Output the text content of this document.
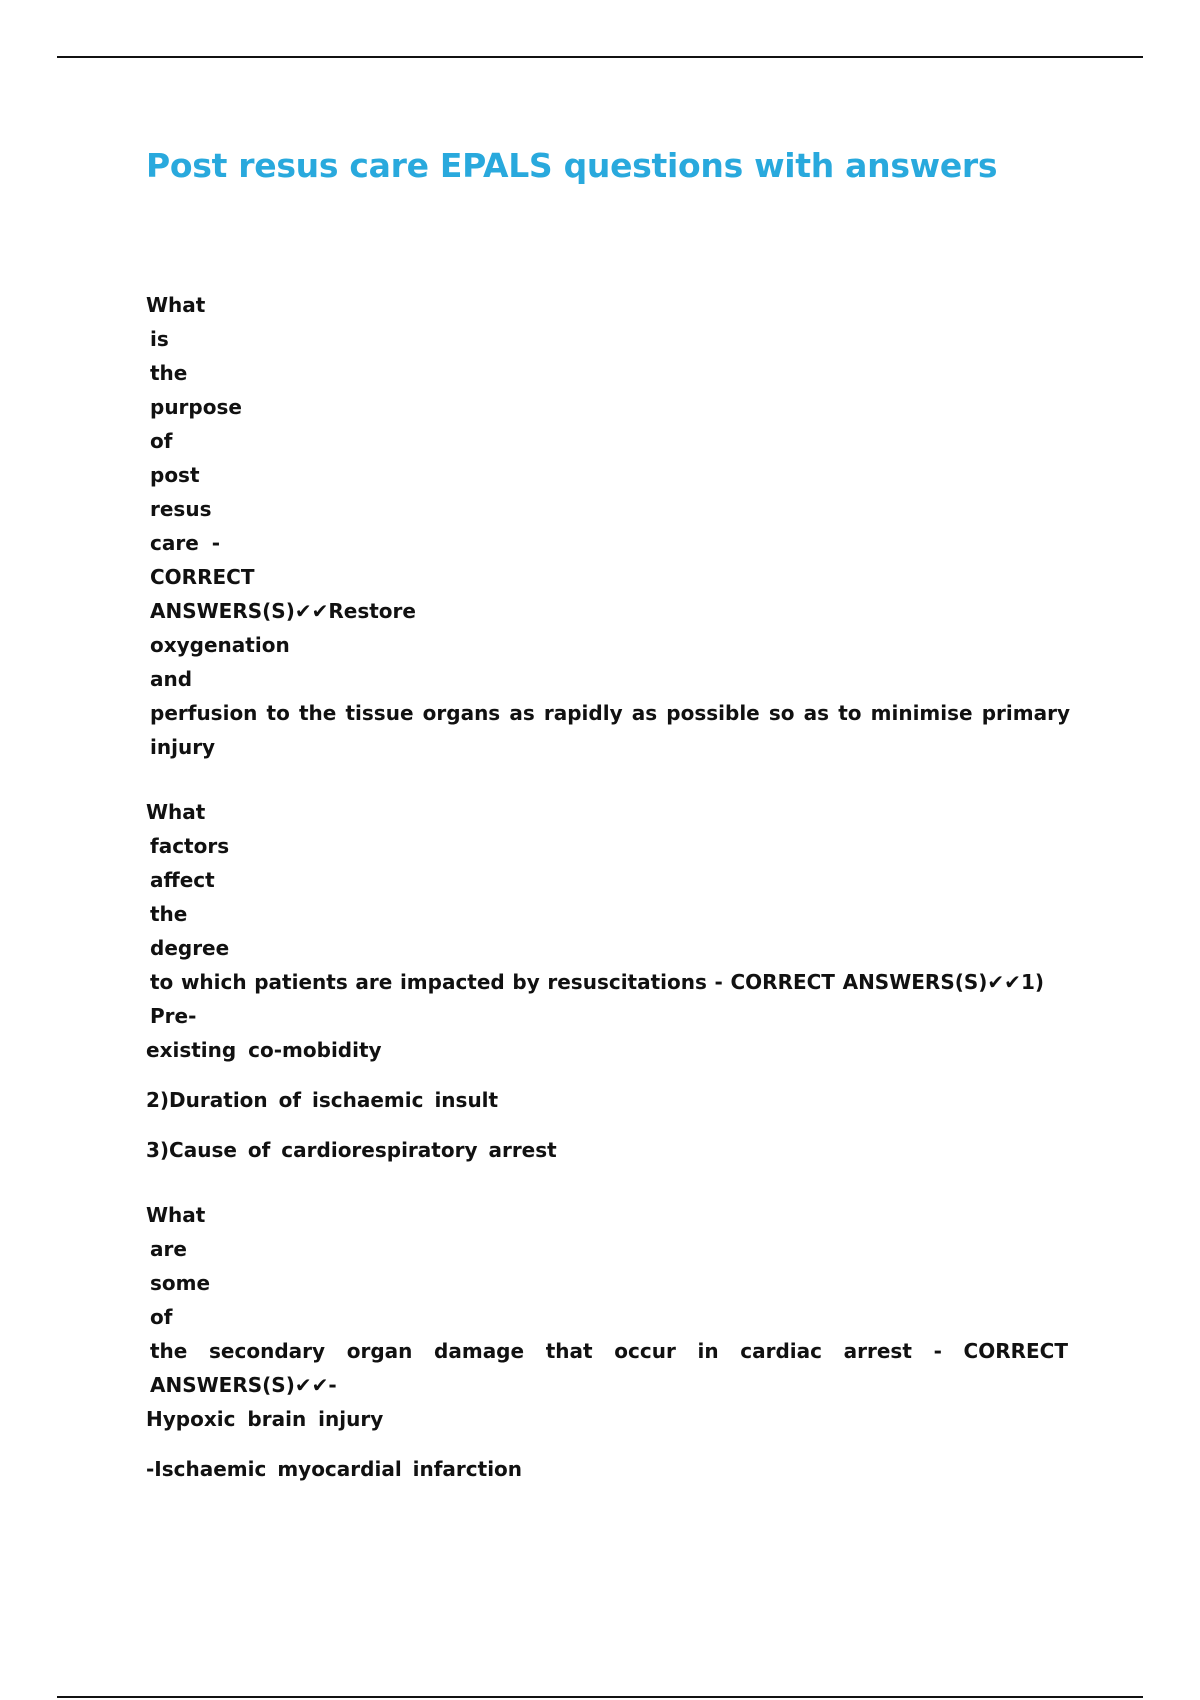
Post resus care EPALS questions with answers
What
is
the
purpose
of
post
resus
care -
CORRECT
ANSWERS(S)✔✔Restore
oxygenation
and
perfusion to the tissue organs as rapidly as possible so as to minimise primary injury
What
factors
affect
the
degree
to which patients are impacted by resuscitations - CORRECT ANSWERS(S)✔✔1) Pre-
existing co-mobidity
2)Duration of ischaemic insult
3)Cause of cardiorespiratory arrest
What
are
some
of
the secondary organ damage that occur in cardiac arrest - CORRECT ANSWERS(S)✔✔-
Hypoxic brain injury
-Ischaemic myocardial infarction
